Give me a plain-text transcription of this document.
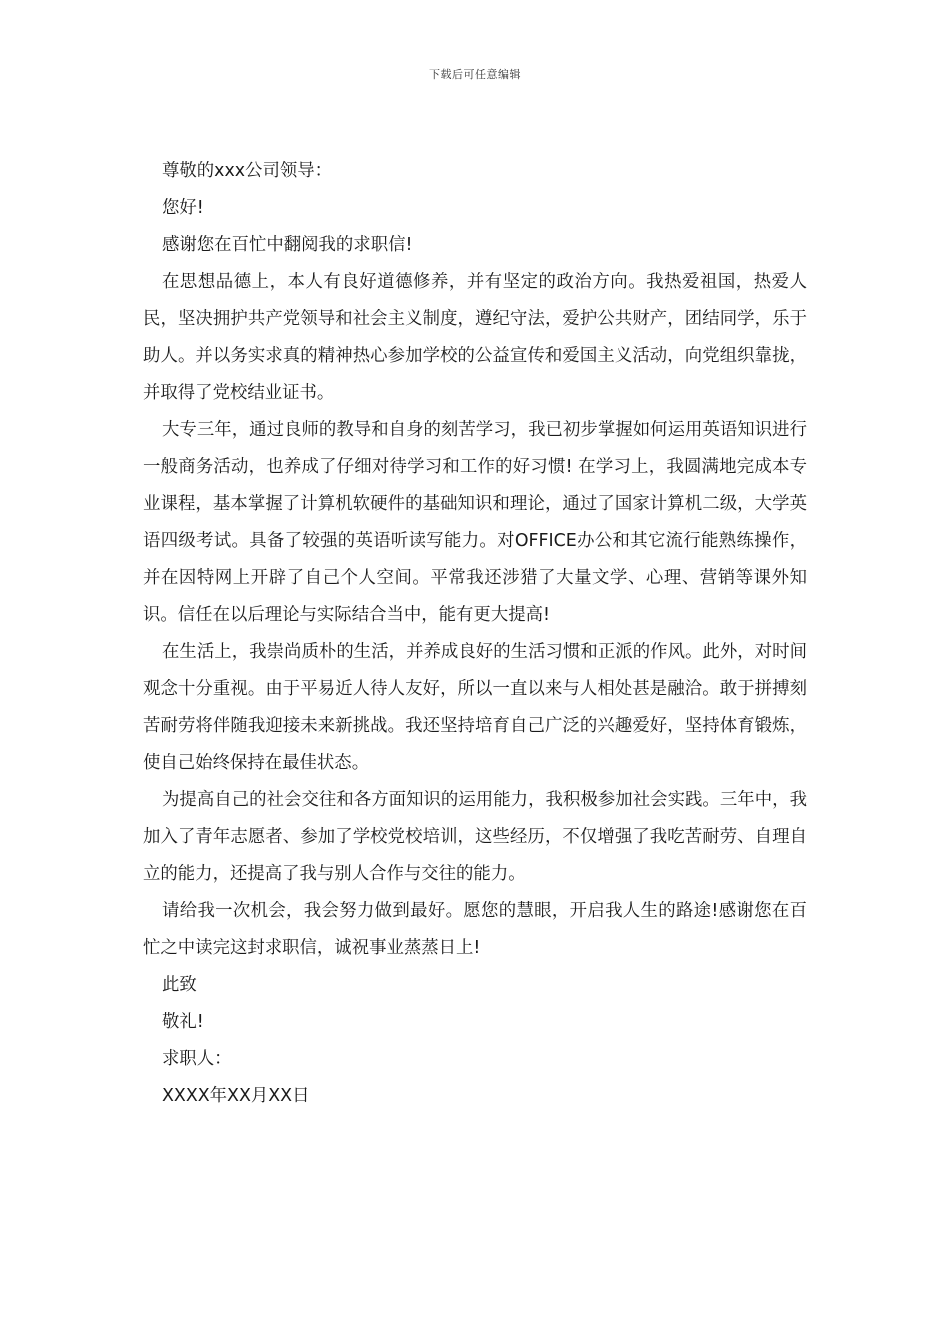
下载后可任意编辑

尊敬的xxx公司领导：

您好!

感谢您在百忙中翻阅我的求职信!

在思想品德上，本人有良好道德修养，并有坚定的政治方向。我热爱祖国，热爱人民，坚决拥护共产党领导和社会主义制度，遵纪守法，爱护公共财产，团结同学，乐于助人。并以务实求真的精神热心参加学校的公益宣传和爱国主义活动，向党组织靠拢，并取得了党校结业证书。

大专三年，通过良师的教导和自身的刻苦学习，我已初步掌握如何运用英语知识进行一般商务活动，也养成了仔细对待学习和工作的好习惯! 在学习上，我圆满地完成本专业课程，基本掌握了计算机软硬件的基础知识和理论，通过了国家计算机二级，大学英语四级考试。具备了较强的英语听读写能力。对OFFICE办公和其它流行能熟练操作，并在因特网上开辟了自己个人空间。平常我还涉猎了大量文学、心理、营销等课外知识。信任在以后理论与实际结合当中，能有更大提高!

在生活上，我崇尚质朴的生活，并养成良好的生活习惯和正派的作风。此外，对时间观念十分重视。由于平易近人待人友好，所以一直以来与人相处甚是融洽。敢于拼搏刻苦耐劳将伴随我迎接未来新挑战。我还坚持培育自己广泛的兴趣爱好，坚持体育锻炼，使自己始终保持在最佳状态。

为提高自己的社会交往和各方面知识的运用能力，我积极参加社会实践。三年中，我加入了青年志愿者、参加了学校党校培训，这些经历，不仅增强了我吃苦耐劳、自理自立的能力，还提高了我与别人合作与交往的能力。

请给我一次机会，我会努力做到最好。愿您的慧眼，开启我人生的路途!感谢您在百忙之中读完这封求职信，诚祝事业蒸蒸日上!

此致

敬礼!

求职人：

XXXX年XX月XX日
